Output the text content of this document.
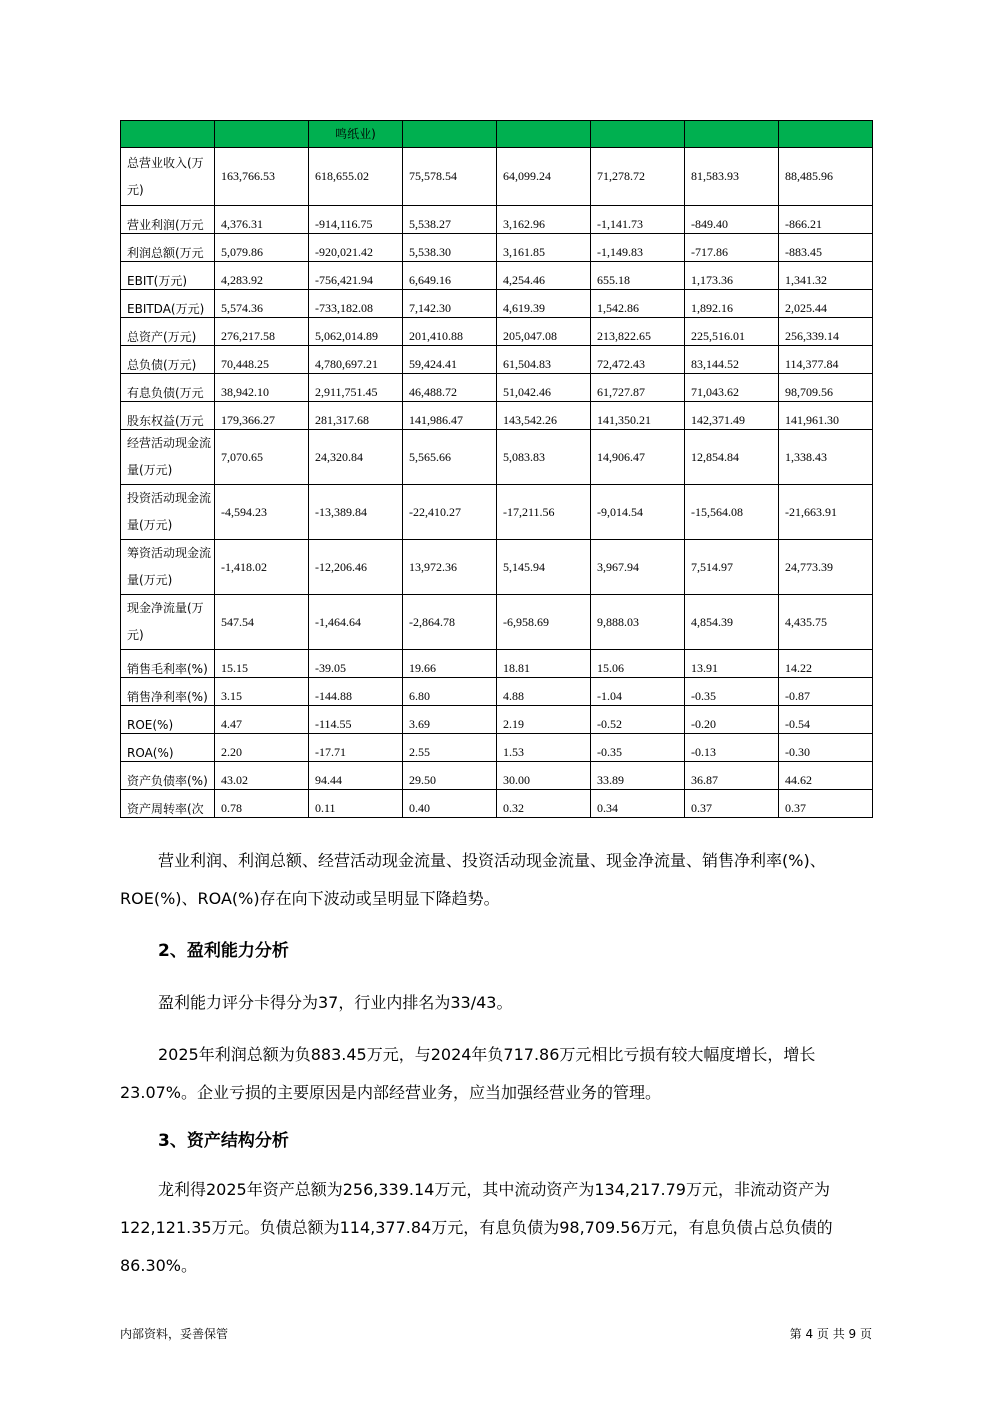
		鸣纸业)					
总营业收入(万元)	163,766.53	618,655.02	75,578.54	64,099.24	71,278.72	81,583.93	88,485.96
营业利润(万元	4,376.31	-914,116.75	5,538.27	3,162.96	-1,141.73	-849.40	-866.21
利润总额(万元	5,079.86	-920,021.42	5,538.30	3,161.85	-1,149.83	-717.86	-883.45
EBIT(万元)	4,283.92	-756,421.94	6,649.16	4,254.46	655.18	1,173.36	1,341.32
EBITDA(万元)	5,574.36	-733,182.08	7,142.30	4,619.39	1,542.86	1,892.16	2,025.44
总资产(万元)	276,217.58	5,062,014.89	201,410.88	205,047.08	213,822.65	225,516.01	256,339.14
总负债(万元)	70,448.25	4,780,697.21	59,424.41	61,504.83	72,472.43	83,144.52	114,377.84
有息负债(万元	38,942.10	2,911,751.45	46,488.72	51,042.46	61,727.87	71,043.62	98,709.56
股东权益(万元	179,366.27	281,317.68	141,986.47	143,542.26	141,350.21	142,371.49	141,961.30
经营活动现金流量(万元)	7,070.65	24,320.84	5,565.66	5,083.83	14,906.47	12,854.84	1,338.43
投资活动现金流量(万元)	-4,594.23	-13,389.84	-22,410.27	-17,211.56	-9,014.54	-15,564.08	-21,663.91
筹资活动现金流量(万元)	-1,418.02	-12,206.46	13,972.36	5,145.94	3,967.94	7,514.97	24,773.39
现金净流量(万元)	547.54	-1,464.64	-2,864.78	-6,958.69	9,888.03	4,854.39	4,435.75
销售毛利率(%)	15.15	-39.05	19.66	18.81	15.06	13.91	14.22
销售净利率(%)	3.15	-144.88	6.80	4.88	-1.04	-0.35	-0.87
ROE(%)	4.47	-114.55	3.69	2.19	-0.52	-0.20	-0.54
ROA(%)	2.20	-17.71	2.55	1.53	-0.35	-0.13	-0.30
资产负债率(%)	43.02	94.44	29.50	30.00	33.89	36.87	44.62
资产周转率(次	0.78	0.11	0.40	0.32	0.34	0.37	0.37
营业利润、利润总额、经营活动现金流量、投资活动现金流量、现金净流量、销售净利率(%)、ROE(%)、ROA(%)存在向下波动或呈明显下降趋势。
2、盈利能力分析
盈利能力评分卡得分为37，行业内排名为33/43。
2025年利润总额为负883.45万元，与2024年负717.86万元相比亏损有较大幅度增长，增长23.07%。企业亏损的主要原因是内部经营业务，应当加强经营业务的管理。
3、资产结构分析
龙利得2025年资产总额为256,339.14万元，其中流动资产为134,217.79万元，非流动资产为122,121.35万元。负债总额为114,377.84万元，有息负债为98,709.56万元，有息负债占总负债的86.30%。
内部资料，妥善保管	第 4 页 共 9 页
